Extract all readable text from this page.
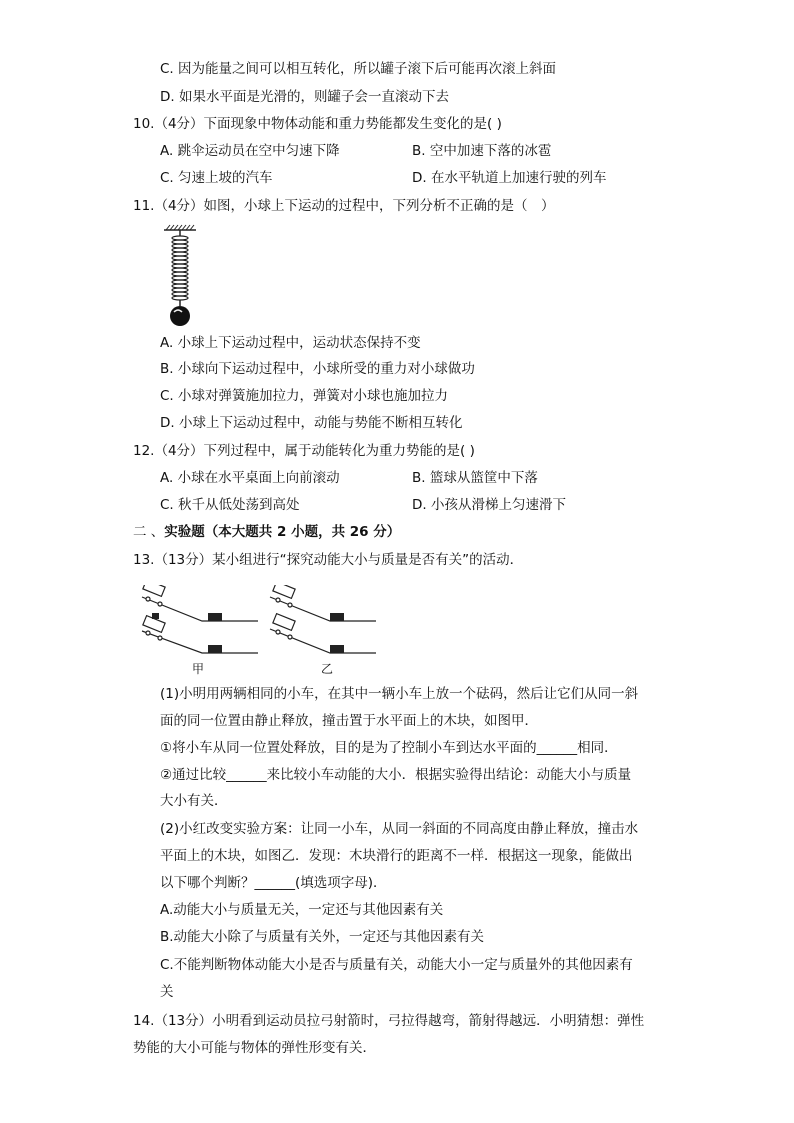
C. 因为能量之间可以相互转化，所以罐子滚下后可能再次滚上斜面
D. 如果水平面是光滑的，则罐子会一直滚动下去
10.（4分）下面现象中物体动能和重力势能都发生变化的是( )
A. 跳伞运动员在空中匀速下降	B. 空中加速下落的冰雹
C. 匀速上坡的汽车	D. 在水平轨道上加速行驶的列车
11.（4分）如图，小球上下运动的过程中，下列分析不正确的是（　）
A. 小球上下运动过程中，运动状态保持不变
B. 小球向下运动过程中，小球所受的重力对小球做功
C. 小球对弹簧施加拉力，弹簧对小球也施加拉力
D. 小球上下运动过程中，动能与势能不断相互转化
12.（4分）下列过程中，属于动能转化为重力势能的是( )
A. 小球在水平桌面上向前滚动	B. 篮球从篮筐中下落
C. 秋千从低处荡到高处	D. 小孩从滑梯上匀速滑下
二 、实验题（本大题共 2 小题，共 26 分）
13.（13分）某小组进行“探究动能大小与质量是否有关”的活动．
甲	乙
(1)小明用两辆相同的小车，在其中一辆小车上放一个砝码，然后让它们从同一斜
面的同一位置由静止释放，撞击置于水平面上的木块，如图甲．
①将小车从同一位置处释放，目的是为了控制小车到达水平面的______相同．
②通过比较______来比较小车动能的大小．根据实验得出结论：动能大小与质量
大小有关．
(2)小红改变实验方案：让同一小车，从同一斜面的不同高度由静止释放，撞击水
平面上的木块，如图乙．发现：木块滑行的距离不一样．根据这一现象，能做出
以下哪个判断？______(填选项字母)．
A.动能大小与质量无关，一定还与其他因素有关
B.动能大小除了与质量有关外，一定还与其他因素有关
C.不能判断物体动能大小是否与质量有关，动能大小一定与质量外的其他因素有
关
14.（13分）小明看到运动员拉弓射箭时，弓拉得越弯，箭射得越远．小明猜想：弹性
势能的大小可能与物体的弹性形变有关．
